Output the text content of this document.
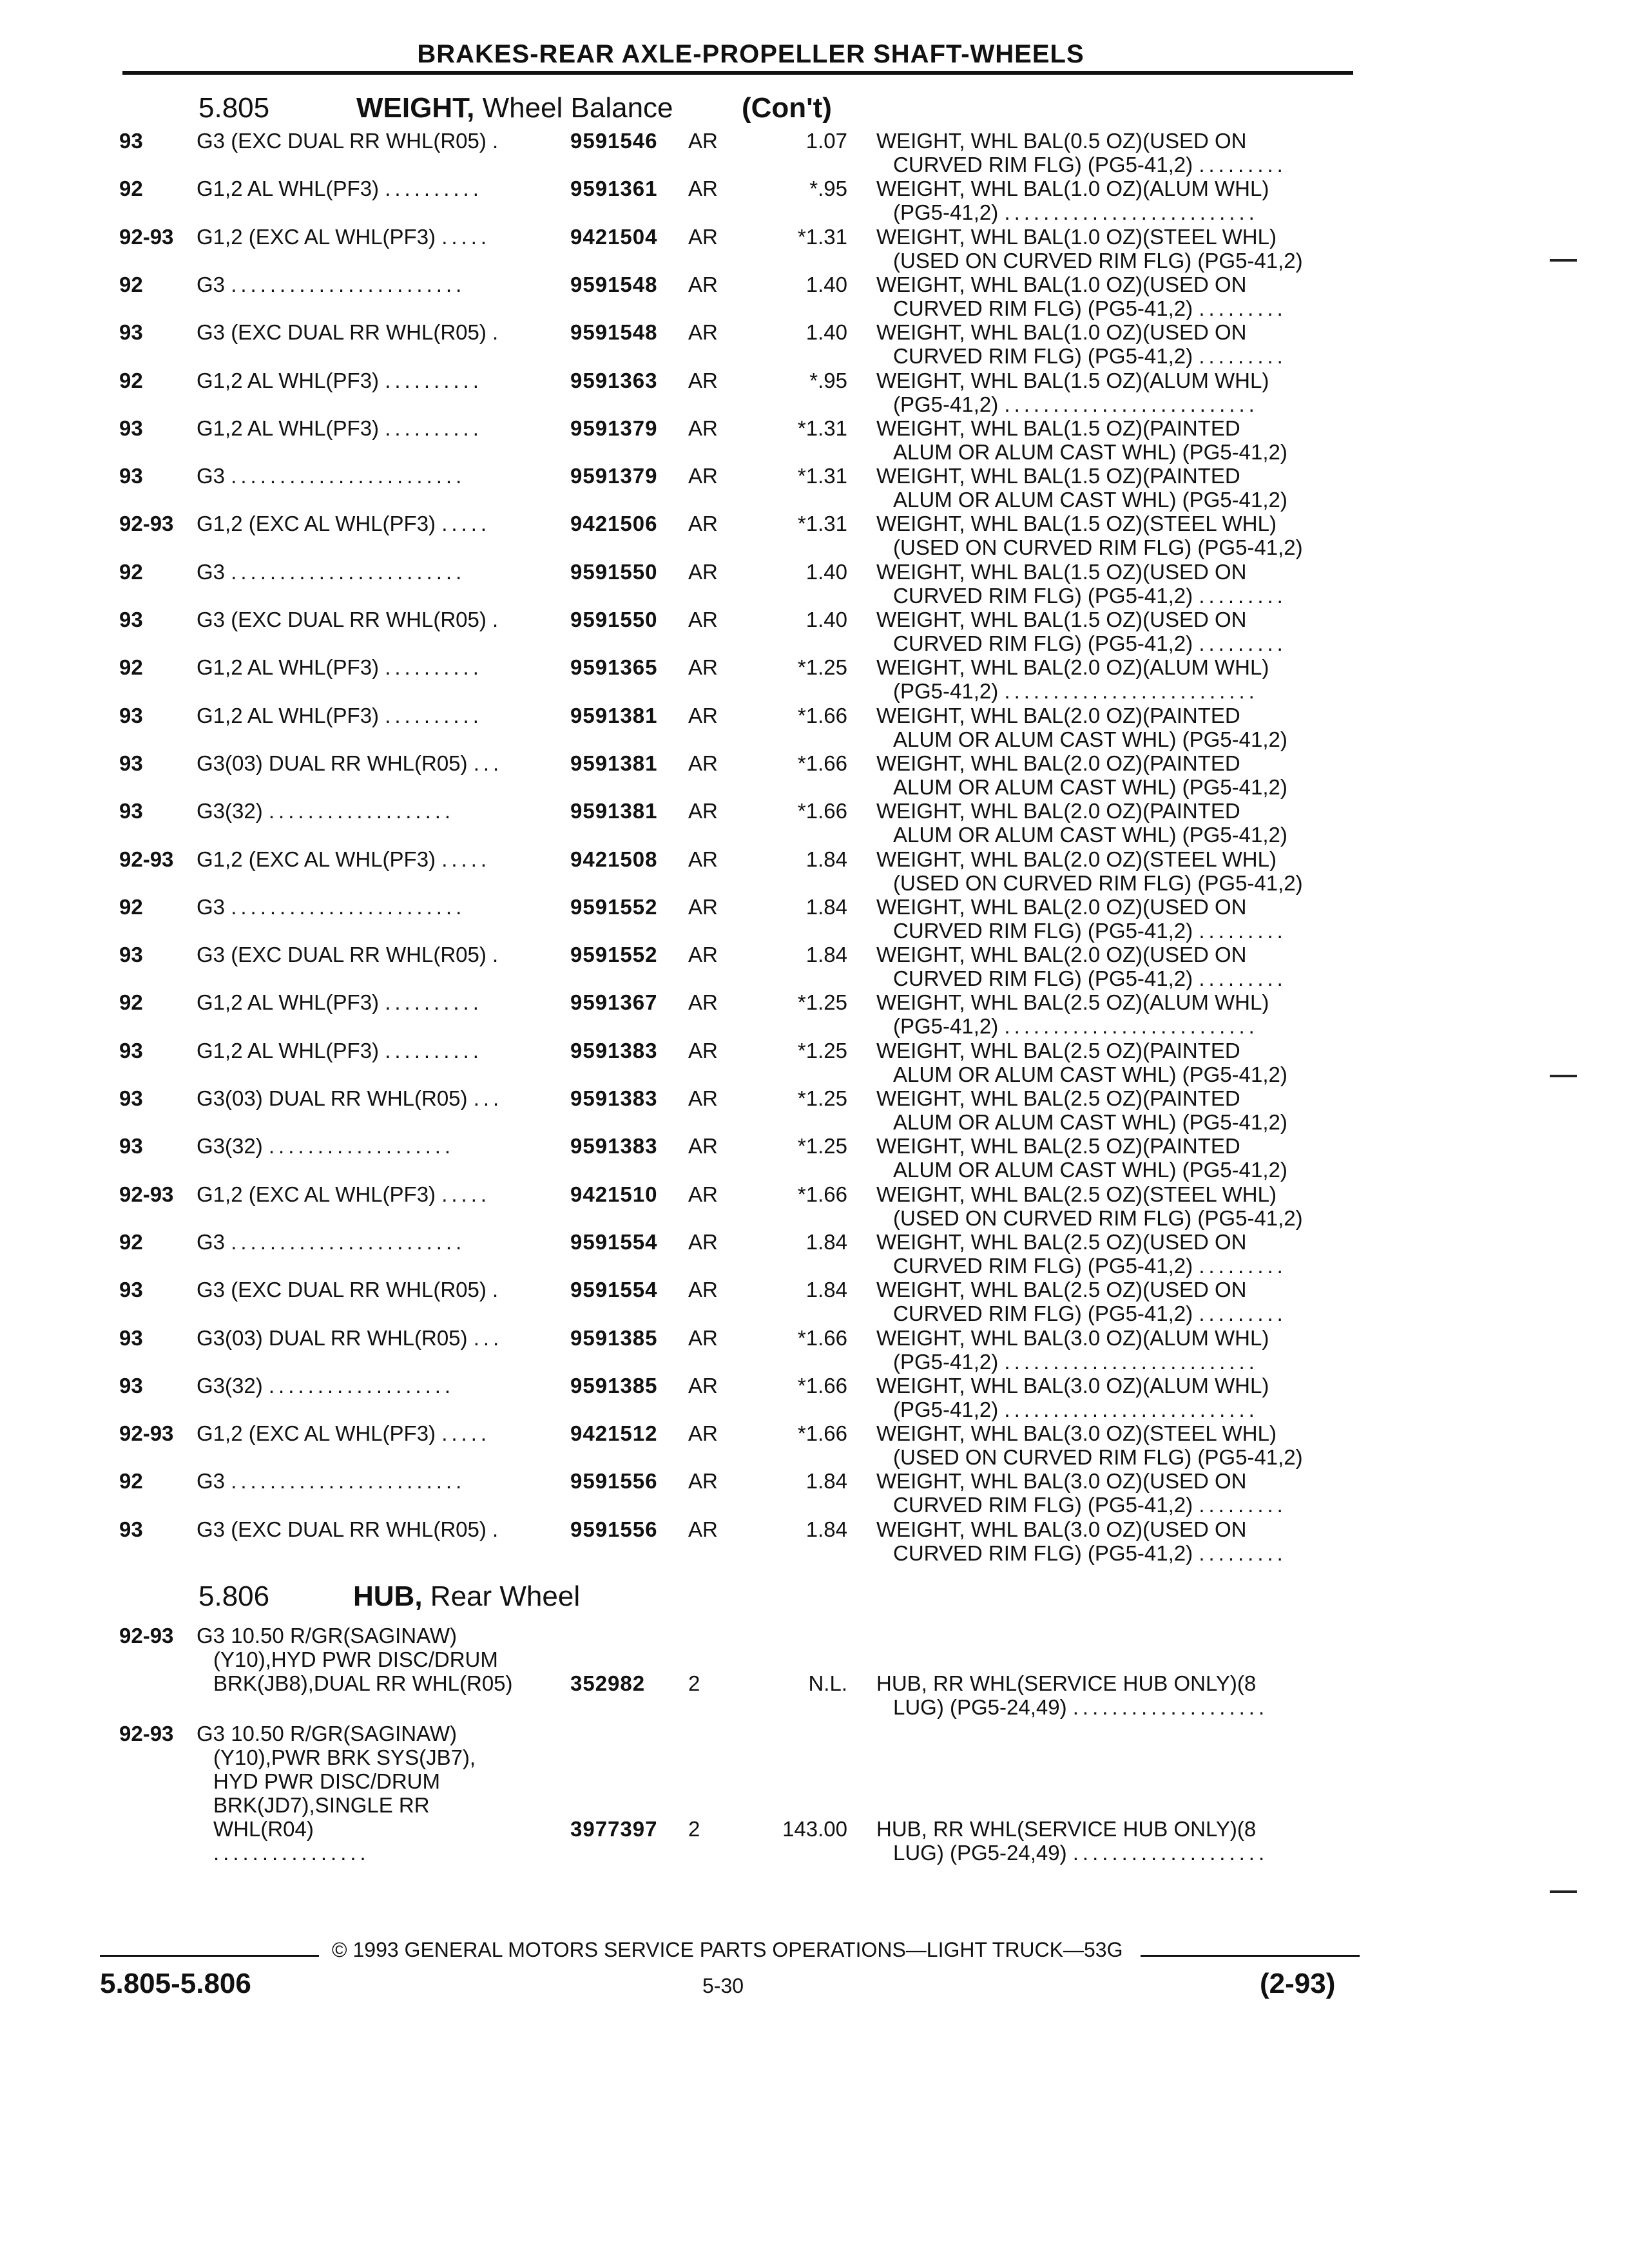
BRAKES-REAR AXLE-PROPELLER SHAFT-WHEELS
5.805	WEIGHT, Wheel Balance (Con't)
93	G3 (EXC DUAL RR WHL(R05) .	9591546 AR	1.07 WEIGHT, WHL BAL(0.5 OZ)(USED ON
CURVED RIM FLG) (PG5-41,2) .........
92	G1,2 AL WHL(PF3) ..........	9591361 AR	*.95 WEIGHT, WHL BAL(1.0 OZ)(ALUM WHL)
(PG5-41,2) ..........................
92-93 G1,2 (EXC AL WHL(PF3) .....	9421504 AR	*1.31 WEIGHT, WHL BAL(1.0 OZ)(STEEL WHL)
(USED ON CURVED RIM FLG) (PG5-41,2)
92	G3 ........................	9591548 AR	1.40 WEIGHT, WHL BAL(1.0 OZ)(USED ON
CURVED RIM FLG) (PG5-41,2) .........
93	G3 (EXC DUAL RR WHL(R05) .	9591548 AR	1.40 WEIGHT, WHL BAL(1.0 OZ)(USED ON
CURVED RIM FLG) (PG5-41,2) .........
92	G1,2 AL WHL(PF3) ..........	9591363 AR	*.95 WEIGHT, WHL BAL(1.5 OZ)(ALUM WHL)
(PG5-41,2) ..........................
93	G1,2 AL WHL(PF3) ..........	9591379 AR	*1.31 WEIGHT, WHL BAL(1.5 OZ)(PAINTED
ALUM OR ALUM CAST WHL) (PG5-41,2)
93	G3 ........................	9591379 AR	*1.31 WEIGHT, WHL BAL(1.5 OZ)(PAINTED
ALUM OR ALUM CAST WHL) (PG5-41,2)
92-93 G1,2 (EXC AL WHL(PF3) .....	9421506 AR	*1.31 WEIGHT, WHL BAL(1.5 OZ)(STEEL WHL)
(USED ON CURVED RIM FLG) (PG5-41,2)
92	G3 ........................	9591550 AR	1.40 WEIGHT, WHL BAL(1.5 OZ)(USED ON
CURVED RIM FLG) (PG5-41,2) .........
93	G3 (EXC DUAL RR WHL(R05) .	9591550 AR	1.40 WEIGHT, WHL BAL(1.5 OZ)(USED ON
CURVED RIM FLG) (PG5-41,2) .........
92	G1,2 AL WHL(PF3) ..........	9591365 AR	*1.25 WEIGHT, WHL BAL(2.0 OZ)(ALUM WHL)
(PG5-41,2) ..........................
93	G1,2 AL WHL(PF3) ..........	9591381 AR	*1.66 WEIGHT, WHL BAL(2.0 OZ)(PAINTED
ALUM OR ALUM CAST WHL) (PG5-41,2)
93	G3(03) DUAL RR WHL(R05) ...	9591381 AR	*1.66 WEIGHT, WHL BAL(2.0 OZ)(PAINTED
ALUM OR ALUM CAST WHL) (PG5-41,2)
93	G3(32) ...................	9591381 AR	*1.66 WEIGHT, WHL BAL(2.0 OZ)(PAINTED
ALUM OR ALUM CAST WHL) (PG5-41,2)
92-93 G1,2 (EXC AL WHL(PF3) .....	9421508 AR	1.84 WEIGHT, WHL BAL(2.0 OZ)(STEEL WHL)
(USED ON CURVED RIM FLG) (PG5-41,2)
92	G3 ........................	9591552 AR	1.84 WEIGHT, WHL BAL(2.0 OZ)(USED ON
CURVED RIM FLG) (PG5-41,2) .........
93	G3 (EXC DUAL RR WHL(R05) .	9591552 AR	1.84 WEIGHT, WHL BAL(2.0 OZ)(USED ON
CURVED RIM FLG) (PG5-41,2) .........
92	G1,2 AL WHL(PF3) ..........	9591367 AR	*1.25 WEIGHT, WHL BAL(2.5 OZ)(ALUM WHL)
(PG5-41,2) ..........................
93	G1,2 AL WHL(PF3) ..........	9591383 AR	*1.25 WEIGHT, WHL BAL(2.5 OZ)(PAINTED
ALUM OR ALUM CAST WHL) (PG5-41,2)
93	G3(03) DUAL RR WHL(R05) ...	9591383 AR	*1.25 WEIGHT, WHL BAL(2.5 OZ)(PAINTED
ALUM OR ALUM CAST WHL) (PG5-41,2)
93	G3(32) ...................	9591383 AR	*1.25 WEIGHT, WHL BAL(2.5 OZ)(PAINTED
ALUM OR ALUM CAST WHL) (PG5-41,2)
92-93 G1,2 (EXC AL WHL(PF3) .....	9421510 AR	*1.66 WEIGHT, WHL BAL(2.5 OZ)(STEEL WHL)
(USED ON CURVED RIM FLG) (PG5-41,2)
92	G3 ........................	9591554 AR	1.84 WEIGHT, WHL BAL(2.5 OZ)(USED ON
CURVED RIM FLG) (PG5-41,2) .........
93	G3 (EXC DUAL RR WHL(R05) .	9591554 AR	1.84 WEIGHT, WHL BAL(2.5 OZ)(USED ON
CURVED RIM FLG) (PG5-41,2) .........
93	G3(03) DUAL RR WHL(R05) ...	9591385 AR	*1.66 WEIGHT, WHL BAL(3.0 OZ)(ALUM WHL)
(PG5-41,2) ..........................
93	G3(32) ...................	9591385 AR	*1.66 WEIGHT, WHL BAL(3.0 OZ)(ALUM WHL)
(PG5-41,2) ..........................
92-93 G1,2 (EXC AL WHL(PF3) .....	9421512 AR	*1.66 WEIGHT, WHL BAL(3.0 OZ)(STEEL WHL)
(USED ON CURVED RIM FLG) (PG5-41,2)
92	G3 ........................	9591556 AR	1.84 WEIGHT, WHL BAL(3.0 OZ)(USED ON
CURVED RIM FLG) (PG5-41,2) .........
93	G3 (EXC DUAL RR WHL(R05) .	9591556 AR	1.84 WEIGHT, WHL BAL(3.0 OZ)(USED ON
CURVED RIM FLG) (PG5-41,2) .........
5.806	HUB, Rear Wheel
92-93 G3 10.50 R/GR(SAGINAW)
(Y10),HYD PWR DISC/DRUM
BRK(JB8),DUAL RR WHL(R05)	352982 2	N.L. HUB, RR WHL(SERVICE HUB ONLY)(8
LUG) (PG5-24,49) ....................
92-93 G3 10.50 R/GR(SAGINAW)
(Y10),PWR BRK SYS(JB7),
HYD PWR DISC/DRUM
BRK(JD7),SINGLE RR
WHL(R04)
................
3977397 2	143.00 HUB, RR WHL(SERVICE HUB ONLY)(8
LUG) (PG5-24,49) ....................
© 1993 GENERAL MOTORS SERVICE PARTS OPERATIONS—LIGHT TRUCK—53G
5.805-5.806	5-30	(2-93)
